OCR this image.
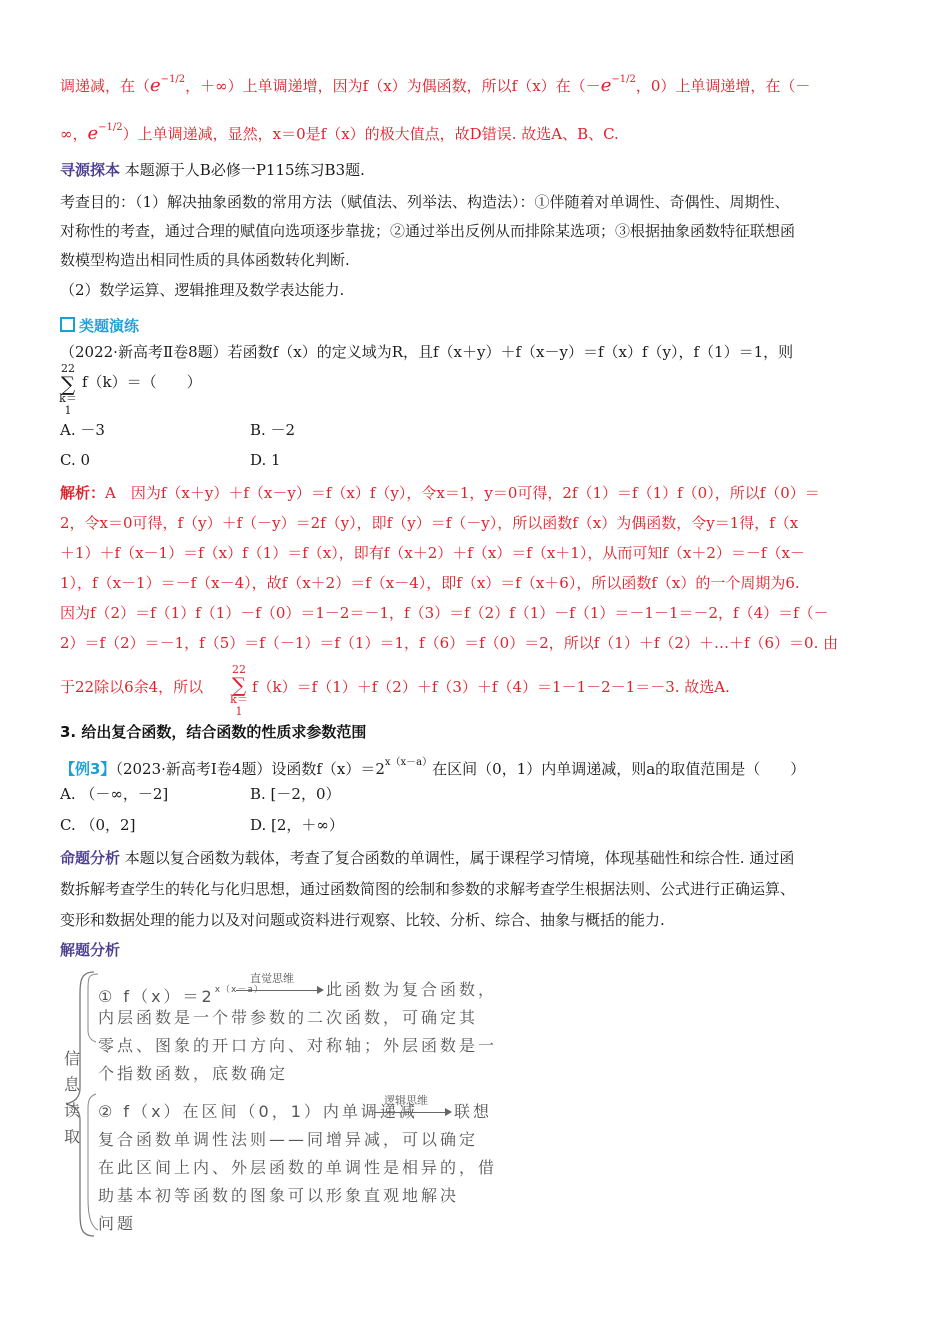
调递减，在（$e^{-1/2}$，＋∞）上单调递增，因为f（x）为偶函数，所以f（x）在（$-e^{-1/2}$，0）上单调递增，在（－
∞，$e^{-1/2}$）上单调递减，显然，x＝0是f（x）的极大值点，故D错误. 故选A、B、C.
寻源探本 本题源于人B必修一P115练习B3题.
考查目的：（1）解决抽象函数的常用方法（赋值法、列举法、构造法）：①伴随着对单调性、奇偶性、周期性、
对称性的考查，通过合理的赋值向选项逐步靠拢；②通过举出反例从而排除某选项；③根据抽象函数特征联想函
数模型构造出相同性质的具体函数转化判断.
（2）数学运算、逻辑推理及数学表达能力.
类题演练
（2022·新高考Ⅱ卷8题）若函数f（x）的定义域为R，且f（x＋y）＋f（x－y）＝f（x）f（y），f（1）＝1，则
22
∑
k＝1
f（k）＝（　　）
A. －3	B. －2
C. 0	D. 1
解析：A　因为f（x＋y）＋f（x－y）＝f（x）f（y），令x＝1，y＝0可得，2f（1）＝f（1）f（0），所以f（0）＝
2，令x＝0可得，f（y）＋f（－y）＝2f（y），即f（y）＝f（－y），所以函数f（x）为偶函数，令y＝1得，f（x
＋1）＋f（x－1）＝f（x）f（1）＝f（x），即有f（x＋2）＋f（x）＝f（x＋1），从而可知f（x＋2）＝－f（x－
1），f（x－1）＝－f（x－4），故f（x＋2）＝f（x－4），即f（x）＝f（x＋6），所以函数f（x）的一个周期为6.
因为f（2）＝f（1）f（1）－f（0）＝1－2＝－1，f（3）＝f（2）f（1）－f（1）＝－1－1＝－2，f（4）＝f（－
2）＝f（2）＝－1，f（5）＝f（－1）＝f（1）＝1，f（6）＝f（0）＝2，所以f（1）＋f（2）＋…＋f（6）＝0. 由
于22除以6余4，所以
22
∑
k＝1
f（k）＝f（1）＋f（2）＋f（3）＋f（4）＝1－1－2－1＝－3. 故选A.
3. 给出复合函数，结合函数的性质求参数范围
【例3】（2023·新高考Ⅰ卷4题）设函数$f(x)=2^{x(x-a)}$在区间（0，1）内单调递减，则a的取值范围是（　　）
A. （－∞，－2]	B. [－2，0）
C. （0，2]	D. [2，＋∞）
命题分析 本题以复合函数为载体，考查了复合函数的单调性，属于课程学习情境，体现基础性和综合性. 通过函
数拆解考查学生的转化与化归思想，通过函数简图的绘制和参数的求解考查学生根据法则、公式进行正确运算、
变形和数据处理的能力以及对问题或资料进行观察、比较、分析、综合、抽象与概括的能力.
解题分析
信
息
读
取
① $f(x)=2^{x(x-a)}$
直觉思维
此函数为复合函数，
内层函数是一个带参数的二次函数，可确定其
零点、图象的开口方向、对称轴；外层函数是一
个指数函数，底数确定
② f（x）在区间（0，1）内单调递减
逻辑思维
联想
复合函数单调性法则——同增异减，可以确定
在此区间上内、外层函数的单调性是相异的，借
助基本初等函数的图象可以形象直观地解决
问题
